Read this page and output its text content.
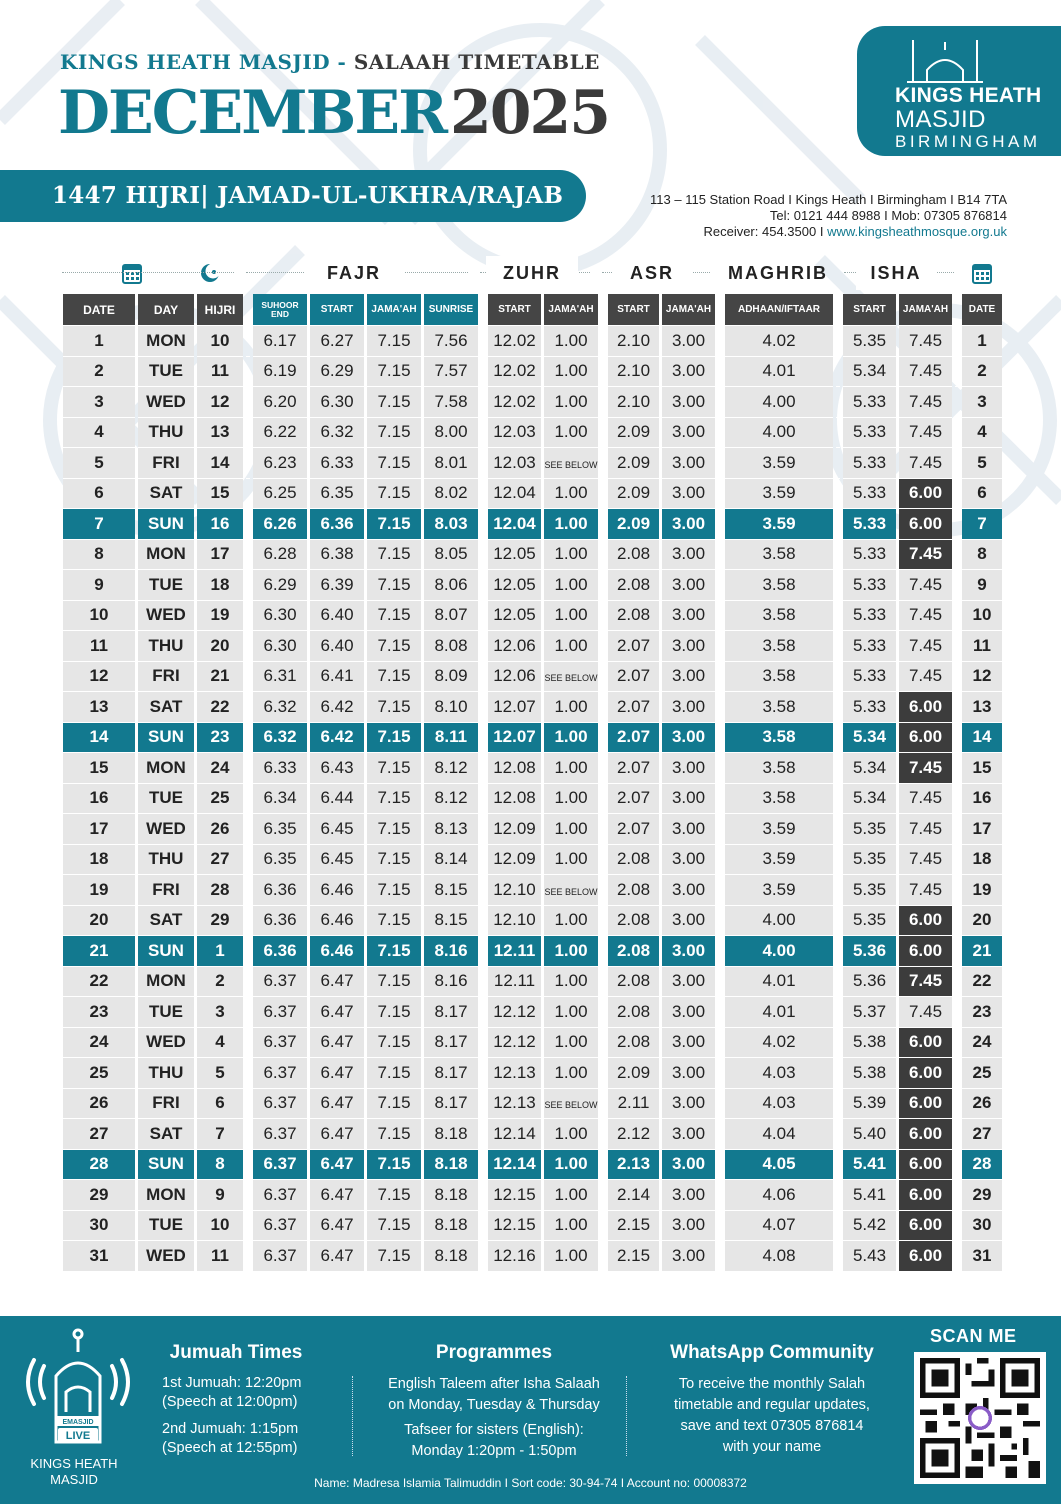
KINGS HEATH MASJID - SALAAH TIMETABLE
DECEMBER2025	KINGS HEATH
MASJID
BIRMINGHAM
1447 HIJRI| JAMAD-UL-UKHRA/RAJAB	113 – 115 Station Road I Kings Heath I Birmingham I B14 7TA
Tel: 0121 444 8988 I Mob: 07305 876814
Receiver: 454.3500 I www.kingsheathmosque.org.uk
FAJR	ZUHR	ASR	MAGHRIB	ISHA
DATE	DAY	HIJRI		SUHOOR END	START	JAMA'AH	SUNRISE		START	JAMA'AH		START	JAMA'AH		ADHAAN/IFTAAR		START	JAMA'AH		DATE
1	MON	10		6.17	6.27	7.15	7.56		12.02	1.00		2.10	3.00		4.02		5.35	7.45		1
2	TUE	11		6.19	6.29	7.15	7.57		12.02	1.00		2.10	3.00		4.01		5.34	7.45		2
3	WED	12		6.20	6.30	7.15	7.58		12.02	1.00		2.10	3.00		4.00		5.33	7.45		3
4	THU	13		6.22	6.32	7.15	8.00		12.03	1.00		2.09	3.00		4.00		5.33	7.45		4
5	FRI	14		6.23	6.33	7.15	8.01		12.03	SEE BELOW		2.09	3.00		3.59		5.33	7.45		5
6	SAT	15		6.25	6.35	7.15	8.02		12.04	1.00		2.09	3.00		3.59		5.33	6.00		6
7	SUN	16		6.26	6.36	7.15	8.03		12.04	1.00		2.09	3.00		3.59		5.33	6.00		7
8	MON	17		6.28	6.38	7.15	8.05		12.05	1.00		2.08	3.00		3.58		5.33	7.45		8
9	TUE	18		6.29	6.39	7.15	8.06		12.05	1.00		2.08	3.00		3.58		5.33	7.45		9
10	WED	19		6.30	6.40	7.15	8.07		12.05	1.00		2.08	3.00		3.58		5.33	7.45		10
11	THU	20		6.30	6.40	7.15	8.08		12.06	1.00		2.07	3.00		3.58		5.33	7.45		11
12	FRI	21		6.31	6.41	7.15	8.09		12.06	SEE BELOW		2.07	3.00		3.58		5.33	7.45		12
13	SAT	22		6.32	6.42	7.15	8.10		12.07	1.00		2.07	3.00		3.58		5.33	6.00		13
14	SUN	23		6.32	6.42	7.15	8.11		12.07	1.00		2.07	3.00		3.58		5.34	6.00		14
15	MON	24		6.33	6.43	7.15	8.12		12.08	1.00		2.07	3.00		3.58		5.34	7.45		15
16	TUE	25		6.34	6.44	7.15	8.12		12.08	1.00		2.07	3.00		3.58		5.34	7.45		16
17	WED	26		6.35	6.45	7.15	8.13		12.09	1.00		2.07	3.00		3.59		5.35	7.45		17
18	THU	27		6.35	6.45	7.15	8.14		12.09	1.00		2.08	3.00		3.59		5.35	7.45		18
19	FRI	28		6.36	6.46	7.15	8.15		12.10	SEE BELOW		2.08	3.00		3.59		5.35	7.45		19
20	SAT	29		6.36	6.46	7.15	8.15		12.10	1.00		2.08	3.00		4.00		5.35	6.00		20
21	SUN	1		6.36	6.46	7.15	8.16		12.11	1.00		2.08	3.00		4.00		5.36	6.00		21
22	MON	2		6.37	6.47	7.15	8.16		12.11	1.00		2.08	3.00		4.01		5.36	7.45		22
23	TUE	3		6.37	6.47	7.15	8.17		12.12	1.00		2.08	3.00		4.01		5.37	7.45		23
24	WED	4		6.37	6.47	7.15	8.17		12.12	1.00		2.08	3.00		4.02		5.38	6.00		24
25	THU	5		6.37	6.47	7.15	8.17		12.13	1.00		2.09	3.00		4.03		5.38	6.00		25
26	FRI	6		6.37	6.47	7.15	8.17		12.13	SEE BELOW		2.11	3.00		4.03		5.39	6.00		26
27	SAT	7		6.37	6.47	7.15	8.18		12.14	1.00		2.12	3.00		4.04		5.40	6.00		27
28	SUN	8		6.37	6.47	7.15	8.18		12.14	1.00		2.13	3.00		4.05		5.41	6.00		28
29	MON	9		6.37	6.47	7.15	8.18		12.15	1.00		2.14	3.00		4.06		5.41	6.00		29
30	TUE	10		6.37	6.47	7.15	8.18		12.15	1.00		2.15	3.00		4.07		5.42	6.00		30
31	WED	11		6.37	6.47	7.15	8.18		12.16	1.00		2.15	3.00		4.08		5.43	6.00		31
EMASJID
LIVE
KINGS HEATH
MASJID
Jumuah Times

1st Jumuah: 12:20pm
(Speech at 12:00pm)

2nd Jumuah: 1:15pm
(Speech at 12:55pm)

Programmes

English Taleem after Isha Salaah

on Monday, Tuesday & Thursday

Tafseer for sisters (English):

Monday 1:20pm - 1:50pm

WhatsApp Community

To receive the monthly Salah

timetable and regular updates,

save and text 07305 876814

with your name

SCAN ME
Name: Madresa Islamia Talimuddin I Sort code: 30-94-74 I Account no: 00008372
